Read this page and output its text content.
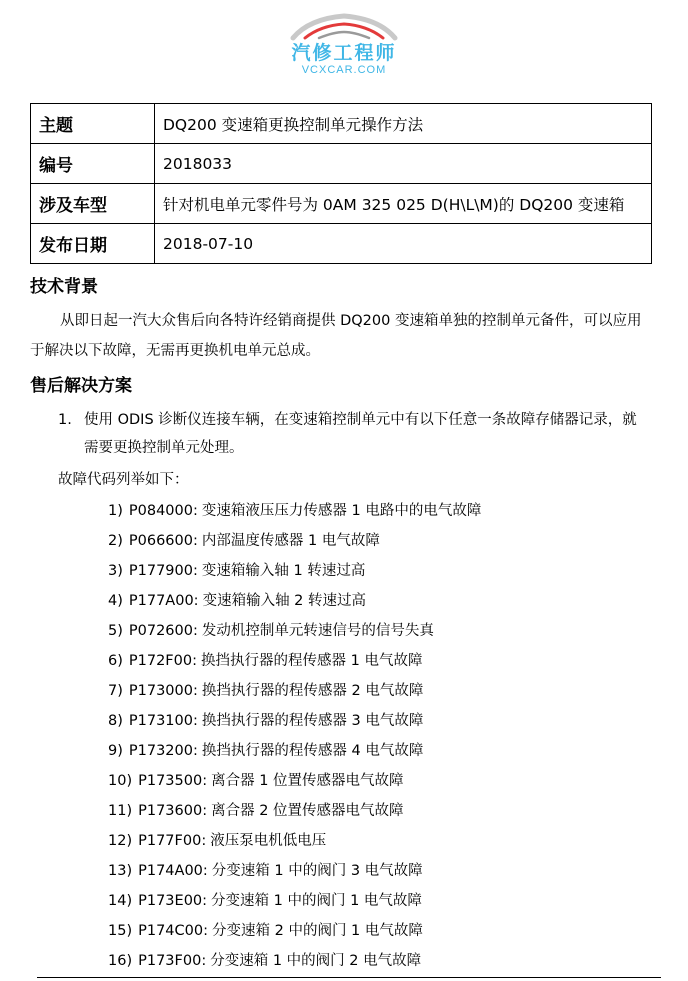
汽修工程师
VCXCAR.COM
主题	DQ200 变速箱更换控制单元操作方法
编号	2018033
涉及车型	针对机电单元零件号为 0AM 325 025 D(H\L\M)的 DQ200 变速箱
发布日期	2018-07-10
技术背景

从即日起一汽大众售后向各特许经销商提供 DQ200 变速箱单独的控制单元备件，可以应用

于解决以下故障，无需再更换机电单元总成。

售后解决方案
1. 使用 ODIS 诊断仪连接车辆，在变速箱控制单元中有以下任意一条故障存储器记录，就
需要更换控制单元处理。
故障代码列举如下：
1) P084000: 变速箱液压压力传感器 1 电路中的电气故障
2) P066600: 内部温度传感器 1 电气故障
3) P177900: 变速箱输入轴 1 转速过高
4) P177A00: 变速箱输入轴 2 转速过高
5) P072600: 发动机控制单元转速信号的信号失真
6) P172F00: 换挡执行器的程传感器 1 电气故障
7) P173000: 换挡执行器的程传感器 2 电气故障
8) P173100: 换挡执行器的程传感器 3 电气故障
9) P173200: 换挡执行器的程传感器 4 电气故障
10) P173500: 离合器 1 位置传感器电气故障
11) P173600: 离合器 2 位置传感器电气故障
12) P177F00: 液压泵电机低电压
13) P174A00: 分变速箱 1 中的阀门 3 电气故障
14) P173E00: 分变速箱 1 中的阀门 1 电气故障
15) P174C00: 分变速箱 2 中的阀门 1 电气故障
16) P173F00: 分变速箱 1 中的阀门 2 电气故障
